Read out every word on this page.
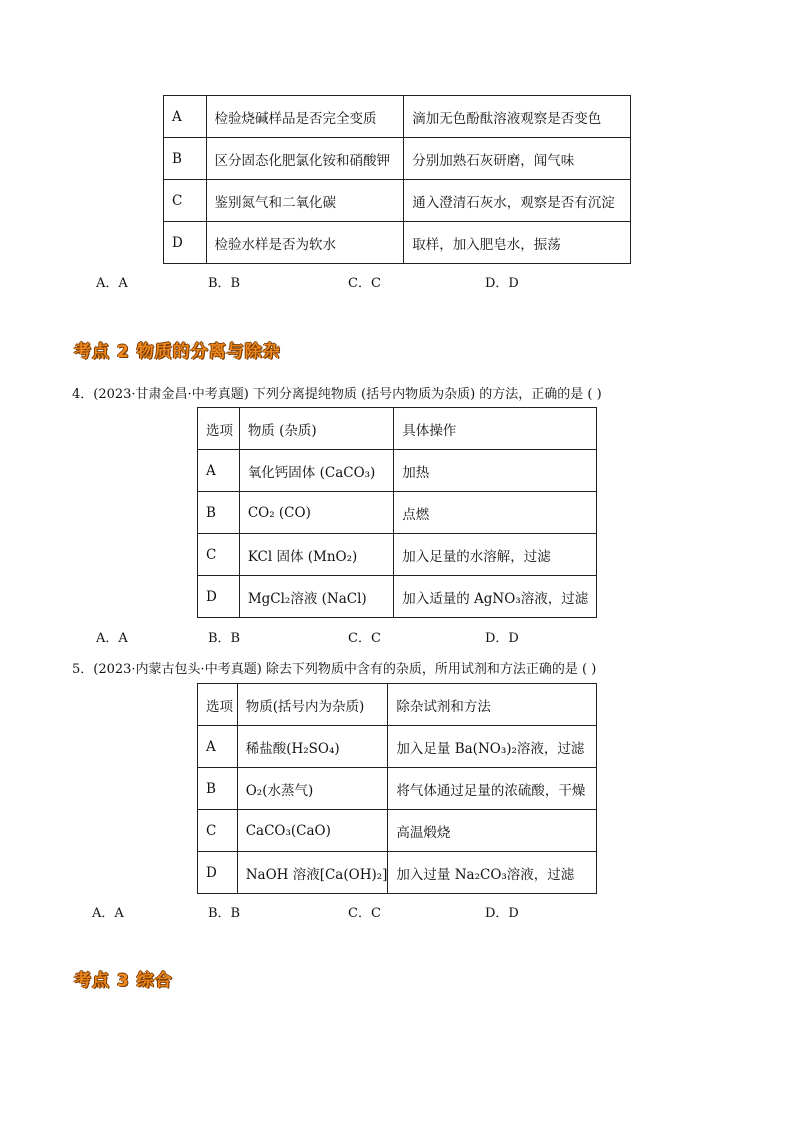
A	检验烧碱样品是否完全变质	滴加无色酚酞溶液观察是否变色
B	区分固态化肥氯化铵和硝酸钾	分别加熟石灰研磨，闻气味
C	鉴别氮气和二氧化碳	通入澄清石灰水，观察是否有沉淀
D	检验水样是否为软水	取样，加入肥皂水，振荡
A．A	B．B	C．C	D．D
考点 2 物质的分离与除杂
4．(2023·甘肃金昌·中考真题) 下列分离提纯物质 (括号内物质为杂质) 的方法，正确的是 ( )
选项	物质 (杂质)	具体操作
A	氧化钙固体 (CaCO₃)	加热
B	CO₂ (CO)	点燃
C	KCl 固体 (MnO₂)	加入足量的水溶解，过滤
D	MgCl₂溶液 (NaCl)	加入适量的 AgNO₃溶液，过滤
A．A	B．B	C．C	D．D
5．(2023·内蒙古包头·中考真题) 除去下列物质中含有的杂质，所用试剂和方法正确的是 ( )
选项	物质(括号内为杂质)	除杂试剂和方法
A	稀盐酸(H₂SO₄)	加入足量 Ba(NO₃)₂溶液，过滤
B	O₂(水蒸气)	将气体通过足量的浓硫酸，干燥
C	CaCO₃(CaO)	高温煅烧
D	NaOH 溶液[Ca(OH)₂]	加入过量 Na₂CO₃溶液，过滤
A．A	B．B	C．C	D．D
考点 3 综合
